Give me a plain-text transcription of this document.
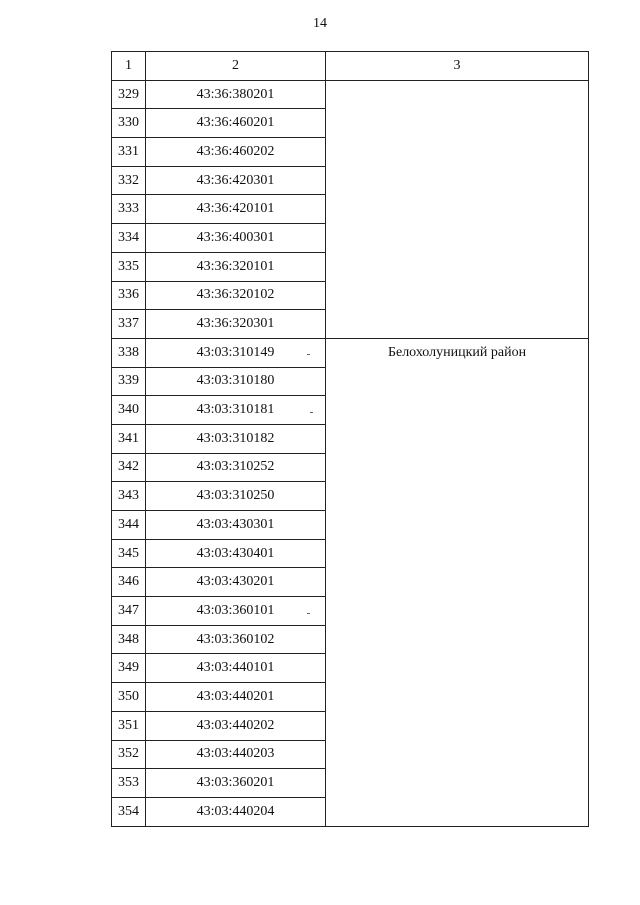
14
1	2	3
329	43:36:380201	
330	43:36:460201	
331	43:36:460202	
332	43:36:420301	
333	43:36:420101	
334	43:36:400301	
335	43:36:320101	
336	43:36:320102	
337	43:36:320301	
338	43:03:310149	Белохолуницкий район
339	43:03:310180	
340	43:03:310181	
341	43:03:310182	
342	43:03:310252	
343	43:03:310250	
344	43:03:430301	
345	43:03:430401	
346	43:03:430201	
347	43:03:360101	
348	43:03:360102	
349	43:03:440101	
350	43:03:440201	
351	43:03:440202	
352	43:03:440203	
353	43:03:360201	
354	43:03:440204	
